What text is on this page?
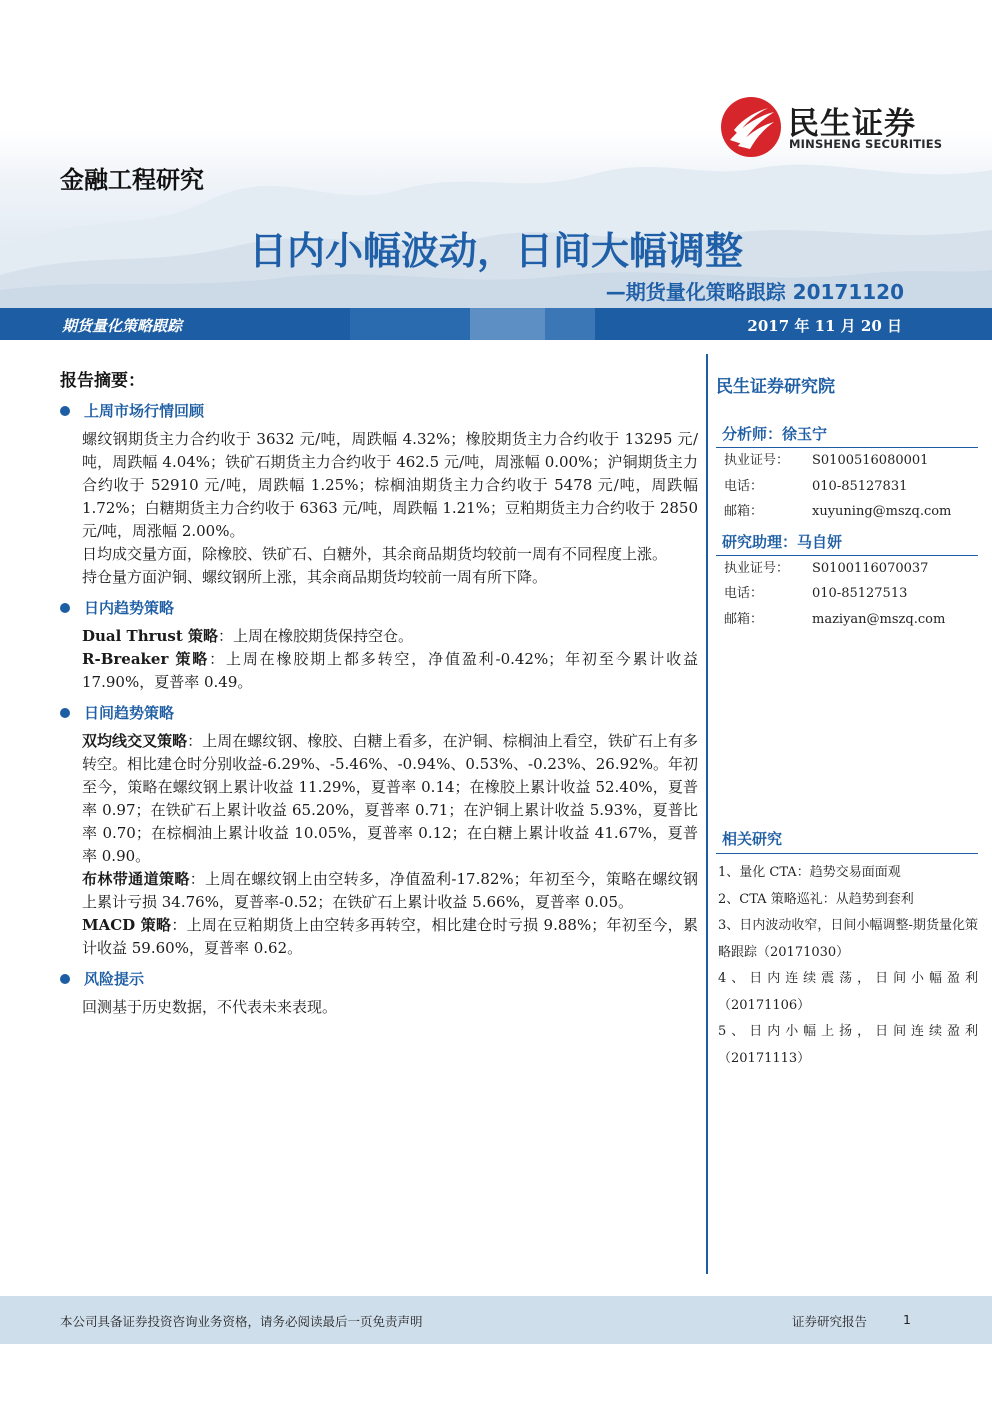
民生证券
MINSHENG SECURITIES
金融工程研究
日内小幅波动，日间大幅调整
—期货量化策略跟踪 20171120
期货量化策略跟踪	2017 年 11 月 20 日
报告摘要：
上周市场行情回顾
螺纹钢期货主力合约收于 3632 元/吨，周跌幅 4.32%；橡胶期货主力合约收于 13295 元/吨，周跌幅 4.04%；铁矿石期货主力合约收于 462.5 元/吨，周涨幅 0.00%；沪铜期货主力合约收于 52910 元/吨，周跌幅 1.25%；棕榈油期货主力合约收于 5478 元/吨，周跌幅 1.72%；白糖期货主力合约收于 6363 元/吨，周跌幅 1.21%；豆粕期货主力合约收于 2850 元/吨，周涨幅 2.00%。
日均成交量方面，除橡胶、铁矿石、白糖外，其余商品期货均较前一周有不同程度上涨。
持仓量方面沪铜、螺纹钢所上涨，其余商品期货均较前一周有所下降。
日内趋势策略
Dual Thrust 策略：上周在橡胶期货保持空仓。
R-Breaker 策略：上周在橡胶期上都多转空，净值盈利-0.42%；年初至今累计收益 17.90%，夏普率 0.49。
日间趋势策略
双均线交叉策略：上周在螺纹钢、橡胶、白糖上看多，在沪铜、棕榈油上看空，铁矿石上有多转空。相比建仓时分别收益-6.29%、-5.46%、-0.94%、0.53%、-0.23%、26.92%。年初至今，策略在螺纹钢上累计收益 11.29%，夏普率 0.14；在橡胶上累计收益 52.40%，夏普率 0.97；在铁矿石上累计收益 65.20%，夏普率 0.71；在沪铜上累计收益 5.93%，夏普比率 0.70；在棕榈油上累计收益 10.05%，夏普率 0.12；在白糖上累计收益 41.67%，夏普率 0.90。
布林带通道策略：上周在螺纹钢上由空转多，净值盈利-17.82%；年初至今，策略在螺纹钢上累计亏损 34.76%，夏普率-0.52；在铁矿石上累计收益 5.66%，夏普率 0.05。
MACD 策略：上周在豆粕期货上由空转多再转空，相比建仓时亏损 9.88%；年初至今，累计收益 59.60%，夏普率 0.62。
风险提示
回测基于历史数据，不代表未来表现。
民生证券研究院
分析师：徐玉宁
执业证号：	S0100516080001
电话：	010-85127831
邮箱：	xuyuning@mszq.com
研究助理：马自妍
执业证号：	S0100116070037
电话：	010-85127513
邮箱：	maziyan@mszq.com
相关研究
1、量化 CTA：趋势交易面面观
2、CTA 策略巡礼：从趋势到套利
3、日内波动收窄，日间小幅调整-期货量化策略跟踪（20171030）
4、日内连续震荡，日间小幅盈利（20171106）
5、日内小幅上扬，日间连续盈利（20171113）
本公司具备证券投资咨询业务资格，请务必阅读最后一页免责声明	证券研究报告	1
